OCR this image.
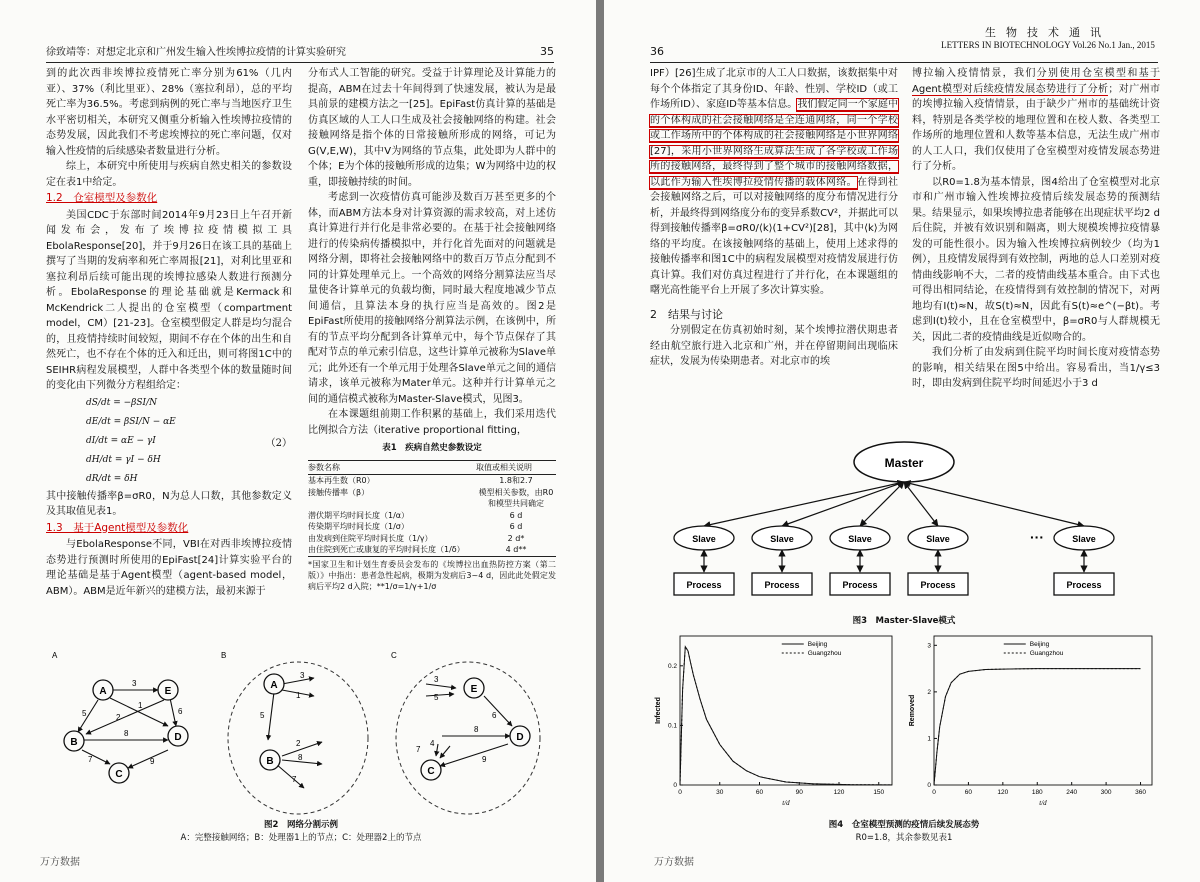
徐致靖等：对想定北京和广州发生输入性埃博拉疫情的计算实验研究	35

到的此次西非埃博拉疫情死亡率分别为61%（几内亚）、37%（利比里亚）、28%（塞拉利昂），总的平均死亡率为36.5%。考虑到病例的死亡率与当地医疗卫生水平密切相关，本研究又侧重分析输入性埃博拉疫情的态势发展，因此我们不考虑埃博拉的死亡率问题，仅对输入性疫情的后续感染者数量进行分析。

综上，本研究中所使用与疾病自然史相关的参数设定在表1中给定。

1.2　仓室模型及参数化

美国CDC于东部时间2014年9月23日上午召开新闻发布会，发布了埃博拉疫情模拟工具EbolaResponse[20]，并于9月26日在该工具的基础上撰写了当期的发病率和死亡率周报[21]，对利比里亚和塞拉利昂后续可能出现的埃博拉感染人数进行预测分析。EbolaResponse的理论基础就是Kermack和McKendrick二人提出的仓室模型（compartment model，CM）[21-23]。仓室模型假定人群是均匀混合的，且疫情持续时间较短，期间不存在个体的出生和自然死亡，也不存在个体的迁入和迁出，则可将图1C中的SEIHR病程发展模型，人群中各类型个体的数量随时间的变化由下列微分方程组给定：

dS/dt = −βSI/N
dE/dt = βSI/N − αE
dI/dt = αE − γI
dH/dt = γI − δH
dR/dt = δH
（2）

其中接触传播率β=σR0，N为总人口数，其他参数定义及其取值见表1。

1.3　基于Agent模型及参数化

与EbolaResponse不同，VBI在对西非埃博拉疫情态势进行预测时所使用的EpiFast[24]计算实验平台的理论基础是基于Agent模型（agent-based model，ABM）。ABM是近年新兴的建模方法，最初来源于

分布式人工智能的研究。受益于计算理论及计算能力的提高，ABM在过去十年间得到了快速发展，被认为是最具前景的建模方法之一[25]。EpiFast仿真计算的基础是仿真区域的人工人口生成及社会接触网络的构建。社会接触网络是指个体的日常接触所形成的网络，可记为G(V,E,W)，其中V为网络的节点集，此处即为人群中的个体；E为个体的接触所形成的边集；W为网络中边的权重，即接触持续的时间。

考虑到一次疫情仿真可能涉及数百万甚至更多的个体，而ABM方法本身对计算资源的需求较高，对上述仿真计算进行并行化是非常必要的。在基于社会接触网络进行的传染病传播模拟中，并行化首先面对的问题就是网络分割，即将社会接触网络中的数百万节点分配到不同的计算处理单元上。一个高效的网络分割算法应当尽量使各计算单元的负载均衡，同时最大程度地减少节点间通信，且算法本身的执行应当是高效的。图2是EpiFast所使用的接触网络分割算法示例，在该例中，所有的节点平均分配到各计算单元中，每个节点保存了其配对节点的单元索引信息，这些计算单元被称为Slave单元；此外还有一个单元用于处理各Slave单元之间的通信请求，该单元被称为Mater单元。这种并行计算单元之间的通信模式被称为Master-Slave模式，见图3。

在本课题组前期工作积累的基础上，我们采用迭代比例拟合方法（iterative proportional fitting，

表1　疾病自然史参数设定
参数名称	取值或相关说明
基本再生数（R0）	1.8和2.7
接触传播率（β）	模型相关参数，由R0
	和模型共同确定
潜伏期平均时间长度（1/α）	6 d
传染期平均时间长度（1/σ）	6 d
由发病到住院平均时间长度（1/γ）	2 d*
由住院到死亡或康复的平均时间长度（1/δ）	4 d**
*国家卫生和计划生育委员会发布的《埃博拉出血热防控方案（第二版）》中指出：患者急性起病，极期为发病后3~4 d，因此此处假定发病后平均2 d入院；**1/σ=1/γ+1/σ
A	B	C
3
5
1
8
7
2
6
9
A
B
C
D
E
3
1
5
2
8
7
A
B
3
5
6
8
7
4
9
E
C
D
图2　网络分割示例
A：完整接触网络；B：处理器1上的节点；C：处理器2上的节点
万方数据
36
生物技术通讯
LETTERS IN BIOTECHNOLOGY Vol.26 No.1 Jan., 2015

IPF）[26]生成了北京市的人工人口数据，该数据集中对每个个体指定了其身份ID、年龄、性别、学校ID（或工作场所ID）、家庭ID等基本信息。我们假定同一个家庭中的个体构成的社会接触网络是全连通网络，同一个学校或工作场所中的个体构成的社会接触网络是小世界网络[27]，采用小世界网络生成算法生成了各学校或工作场所的接触网络，最终得到了整个城市的接触网络数据，以此作为输入性埃博拉疫情传播的载体网络。在得到社会接触网络之后，可以对接触网络的度分布情况进行分析，并最终得到网络度分布的变异系数CV²，并据此可以得到接触传播率β=σR0/⟨k⟩(1+CV²)[28]，其中⟨k⟩为网络的平均度。在该接触网络的基础上，使用上述求得的接触传播率和图1C中的病程发展模型对疫情发展进行仿真计算。我们对仿真过程进行了并行化，在本课题组的曙光高性能平台上开展了多次计算实验。

2　结果与讨论

分别假定在仿真初始时刻，某个埃博拉潜伏期患者经由航空旅行进入北京和广州，并在停留期间出现临床症状，发展为传染期患者。对北京市的埃

博拉输入疫情情景，我们分别使用仓室模型和基于Agent模型对后续疫情发展态势进行了分析；对广州市的埃博拉输入疫情情景，由于缺少广州市的基础统计资料，特别是各类学校的地理位置和在校人数、各类型工作场所的地理位置和人数等基本信息，无法生成广州市的人工人口，我们仅使用了仓室模型对疫情发展态势进行了分析。

以R0=1.8为基本情景，图4给出了仓室模型对北京市和广州市输入性埃博拉疫情后续发展态势的预测结果。结果显示，如果埃博拉患者能够在出现症状平均2 d后住院，并被有效识别和隔离，则大规模埃博拉疫情暴发的可能性很小。因为输入性埃博拉病例较少（均为1例），且疫情发展得到有效控制，两地的总人口差别对疫情曲线影响不大，二者的疫情曲线基本重合。由下式也可得出相同结论，在疫情得到有效控制的情况下，对两地均有I(t)≈N，故S(t)≈N，因此有S(t)≈e^(−βt)。考虑到I(t)较小，且在仓室模型中，β=σR0与人群规模无关，因此二者的疫情曲线是近似吻合的。

我们分析了由发病到住院平均时间长度对疫情态势的影响，相关结果在图5中给出。容易看出，当1/γ≤3时，即由发病到住院平均时间延迟小于3 d

Master
Slave
Process
Slave
Process
Slave
Process
Slave
Process
Slave
Process
···
图3　Master-Slave模式
0	30	60	90	120	150
0
0.1
0.2
t/d
Infected
Beijing
Guangzhou
0	60	120	180	240	300	360
0
1
2
3
t/d
Removed
Beijing
Guangzhou
图4　仓室模型预测的疫情后续发展态势
R0=1.8，其余参数见表1
万方数据
